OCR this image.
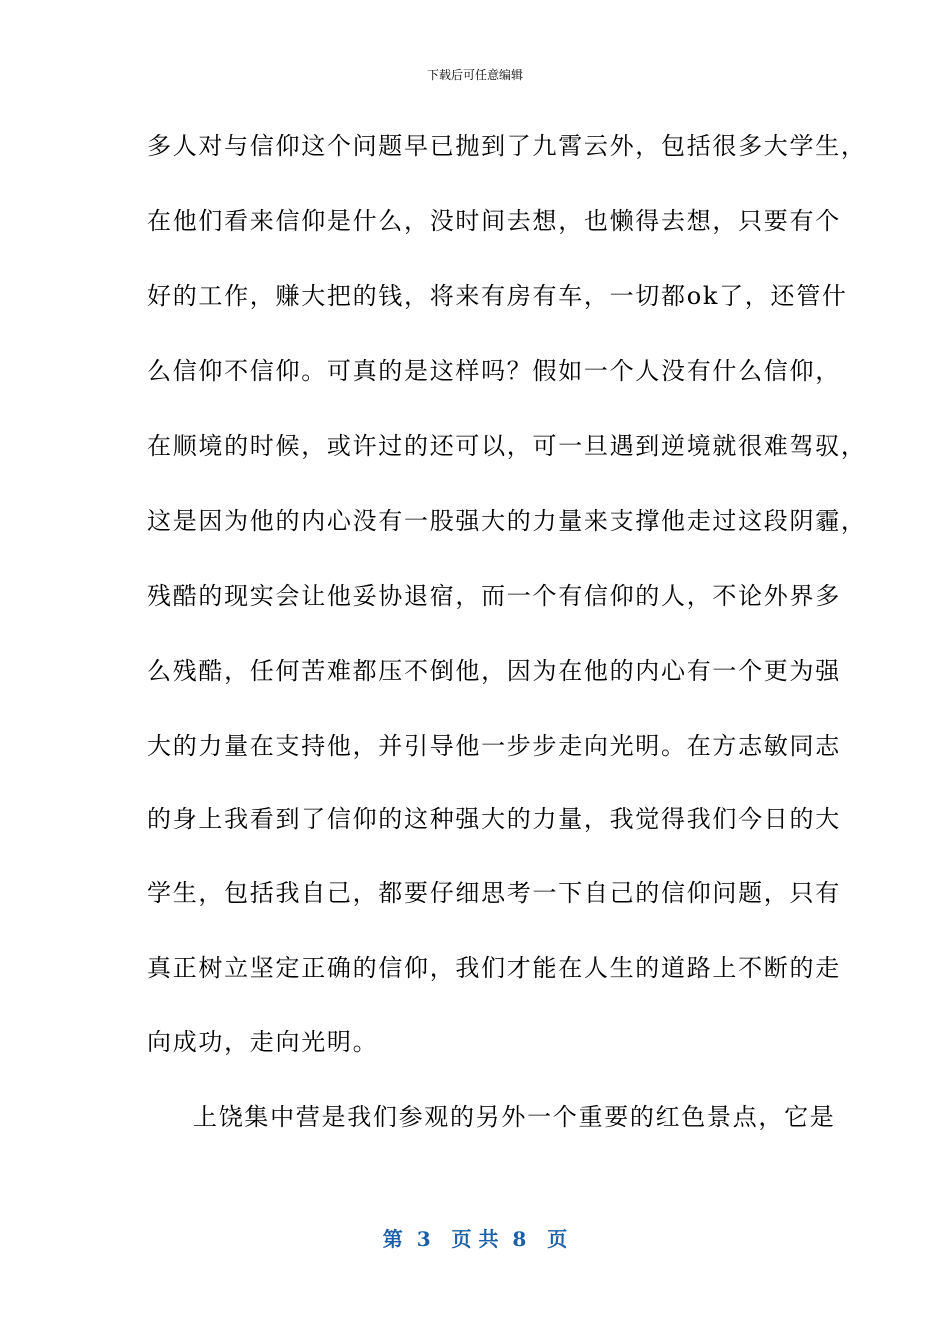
下载后可任意编辑
多人对与信仰这个问题早已抛到了九霄云外，包括很多大学生，
在他们看来信仰是什么，没时间去想，也懒得去想，只要有个
好的工作，赚大把的钱，将来有房有车，一切都ok了，还管什
么信仰不信仰。可真的是这样吗？假如一个人没有什么信仰，
在顺境的时候，或许过的还可以，可一旦遇到逆境就很难驾驭，
这是因为他的内心没有一股强大的力量来支撑他走过这段阴霾，
残酷的现实会让他妥协退宿，而一个有信仰的人，不论外界多
么残酷，任何苦难都压不倒他，因为在他的内心有一个更为强
大的力量在支持他，并引导他一步步走向光明。在方志敏同志
的身上我看到了信仰的这种强大的力量，我觉得我们今日的大
学生，包括我自己，都要仔细思考一下自己的信仰问题，只有
真正树立坚定正确的信仰，我们才能在人生的道路上不断的走
向成功，走向光明。
上饶集中营是我们参观的另外一个重要的红色景点，它是
第  3   页 共  8   页
